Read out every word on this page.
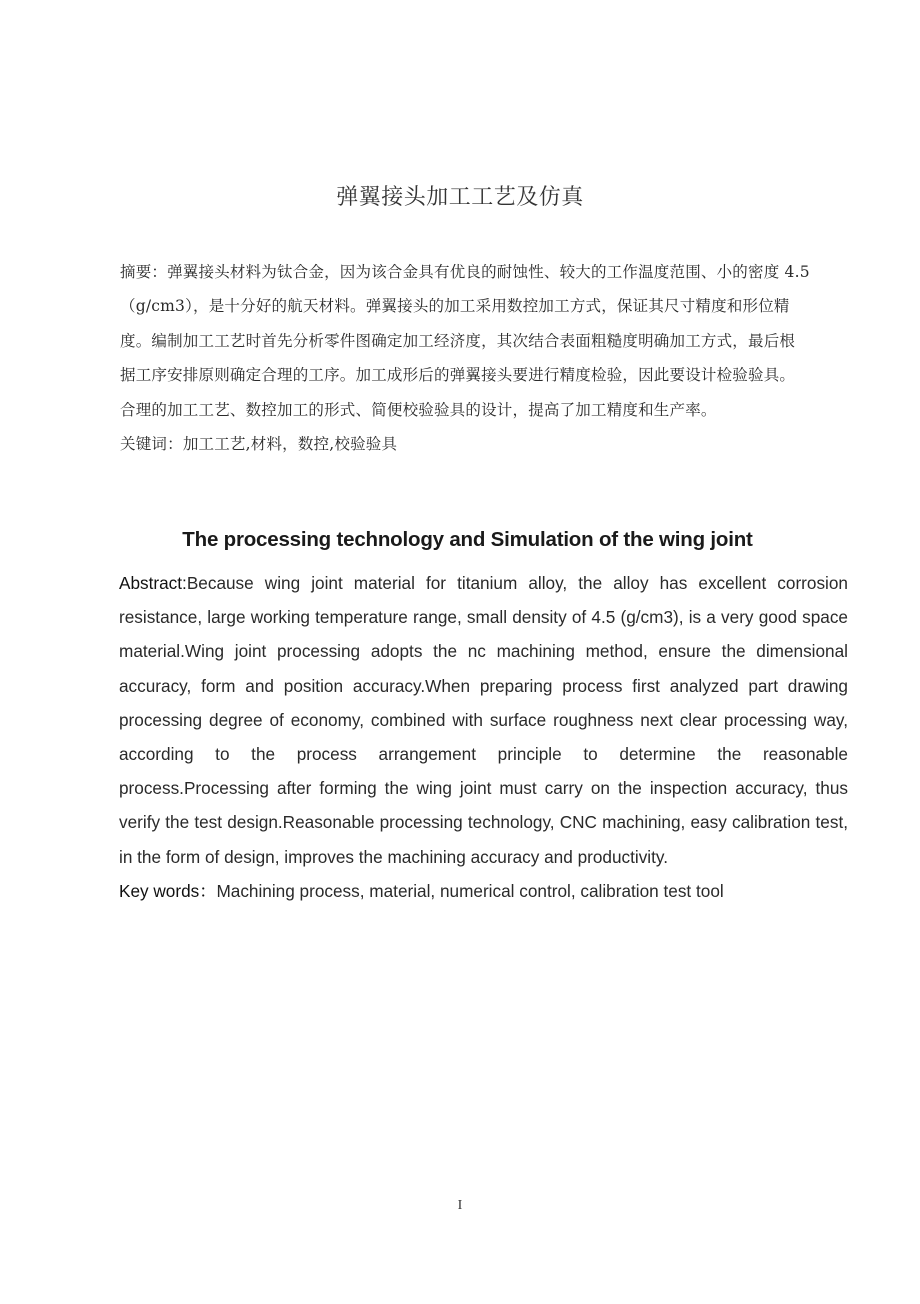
弹翼接头加工工艺及仿真

摘要：弹翼接头材料为钛合金，因为该合金具有优良的耐蚀性、较大的工作温度范围、小的密度 4.5（g/cm3），是十分好的航天材料。弹翼接头的加工采用数控加工方式，保证其尺寸精度和形位精度。编制加工工艺时首先分析零件图确定加工经济度，其次结合表面粗糙度明确加工方式，最后根据工序安排原则确定合理的工序。加工成形后的弹翼接头要进行精度检验，因此要设计检验验具。合理的加工工艺、数控加工的形式、简便校验验具的设计，提高了加工精度和生产率。

关键词：加工工艺,材料，数控,校验验具

The processing technology and Simulation of the wing joint

Abstract:Because wing joint material for titanium alloy, the alloy has excellent corrosion resistance, large working temperature range, small density of 4.5 (g/cm3), is a very good space material.Wing joint processing adopts the nc machining method, ensure the dimensional accuracy, form and position accuracy.When preparing process first analyzed part drawing processing degree of economy, combined with surface roughness next clear processing way, according to the process arrangement principle to determine the reasonable process.Processing after forming the wing joint must carry on the inspection accuracy, thus verify the test design.Reasonable processing technology, CNC machining, easy calibration test, in the form of design, improves the machining accuracy and productivity.

Key words：Machining process, material, numerical control, calibration test tool

I
